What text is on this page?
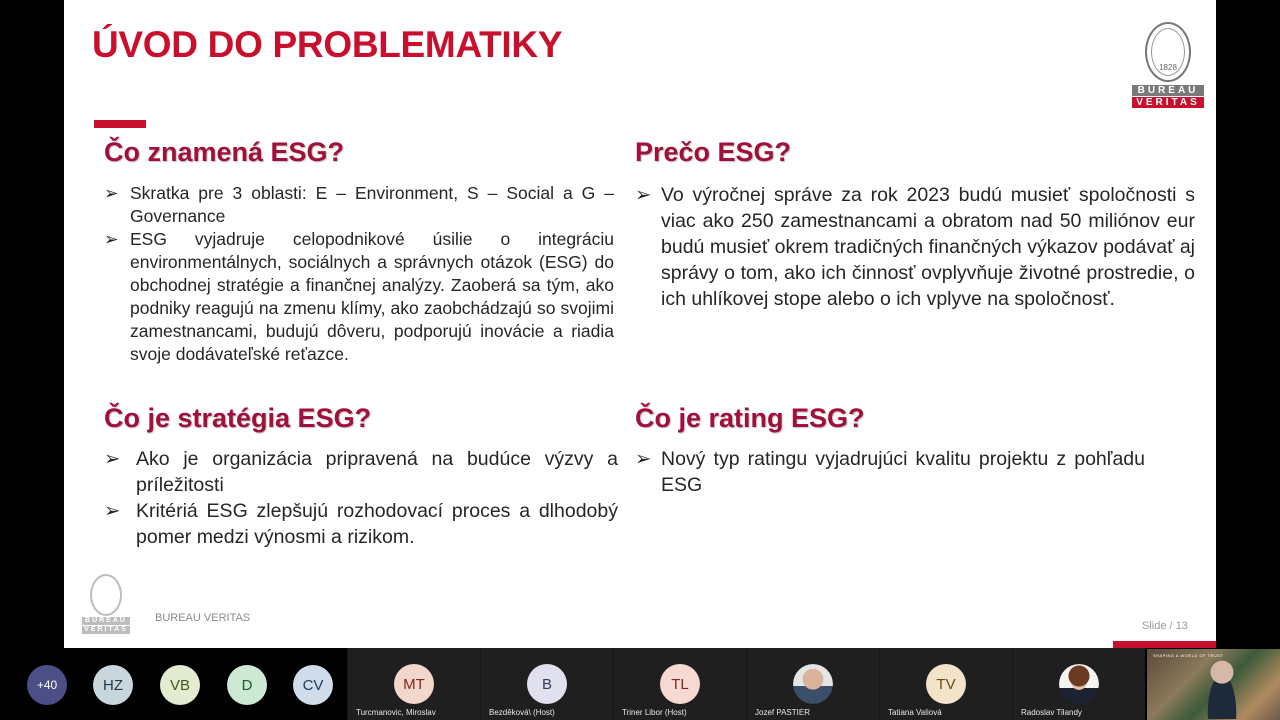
ÚVOD DO PROBLEMATIKY
1828
BUREAU
VERITAS
Čo znamená ESG?
➢ Skratka pre 3 oblasti: E – Environment, S – Social a G – Governance
➢ ESG vyjadruje celopodnikové úsilie o integráciu environmentálnych, sociálnych a správnych otázok (ESG) do obchodnej stratégie a finančnej analýzy. Zaoberá sa tým, ako podniky reagujú na zmenu klímy, ako zaobchádzajú so svojimi zamestnancami, budujú dôveru, podporujú inovácie a riadia svoje dodávateľské reťazce.
Prečo ESG?
➢ Vo výročnej správe za rok 2023 budú musieť spoločnosti s viac ako 250 zamestnancami a obratom nad 50 miliónov eur budú musieť okrem tradičných finančných výkazov podávať aj správy o tom, ako ich činnosť ovplyvňuje životné prostredie, o ich uhlíkovej stope alebo o ich vplyve na spoločnosť.
Čo je stratégia ESG?
➢ Ako je organizácia pripravená na budúce výzvy a príležitosti
➢ Kritériá ESG zlepšujú rozhodovací proces a dlhodobý pomer medzi výnosmi a rizikom.
Čo je rating ESG?
➢ Nový typ ratingu vyjadrujúci kvalitu projektu z pohľadu ESG
BUREAU
VERITAS
BUREAU VERITAS
Slide / 13
+40	HZ	VB	D	CV	MT
Turcmanovic, Miroslav
B
Bezděková\ (Host)
TL
Triner Libor (Host)	Jozef PASTIER
TV
Tatiana Valiová	Radoslav Tilandy
SHAPING A WORLD OF TRUST
